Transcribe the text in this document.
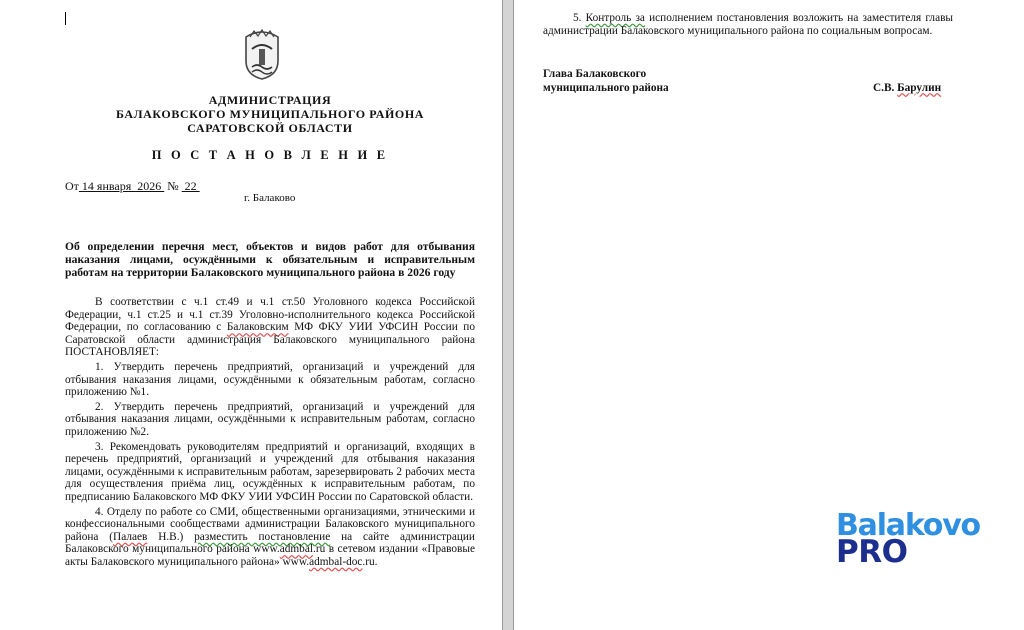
АДМИНИСТРАЦИЯ
БАЛАКОВСКОГО МУНИЦИПАЛЬНОГО РАЙОНА
САРАТОВСКОЙ ОБЛАСТИ
П О С Т А Н О В Л Е Н И Е
От 14 января  2026  №  22
г. Балаково
Об определении перечня мест, объектов и видов работ для отбывания наказания лицами, осуждёнными к обязательным и исправительным работам на территории Балаковского муниципального района в 2026 году

В соответствии с ч.1 ст.49 и ч.1 ст.50 Уголовного кодекса Российской Федерации, ч.1 ст.25 и ч.1 ст.39 Уголовно-исполнительного кодекса Российской Федерации, по согласованию с Балаковским МФ ФКУ УИИ УФСИН России по Саратовской области администрация Балаковского муниципального района ПОСТАНОВЛЯЕТ:

1. Утвердить перечень предприятий, организаций и учреждений для отбывания наказания лицами, осуждёнными к обязательным работам, согласно приложению №1.

2. Утвердить перечень предприятий, организаций и учреждений для отбывания наказания лицами, осуждёнными к исправительным работам, согласно приложению №2.

3. Рекомендовать руководителям предприятий и организаций, входящих в перечень предприятий, организаций и учреждений для отбывания наказания лицами, осуждёнными к исправительным работам, зарезервировать 2 рабочих места для осуществления приёма лиц, осуждённых к исправительным работам, по предписанию Балаковского МФ ФКУ УИИ УФСИН России по Саратовской области.

4. Отделу по работе со СМИ, общественными организациями, этническими и конфессиональными сообществами администрации Балаковского муниципального района (Палаев Н.В.) разместить постановление на сайте администрации Балаковского муниципального района www.admbal.ru в сетевом издании «Правовые акты Балаковского муниципального района» www.admbal-doc.ru.

5. Контроль за исполнением постановления возложить на заместителя главы администрации Балаковского муниципального района по социальным вопросам.
Глава Балаковского
муниципального района	С.В. Барулин
Balakovo
PRO
